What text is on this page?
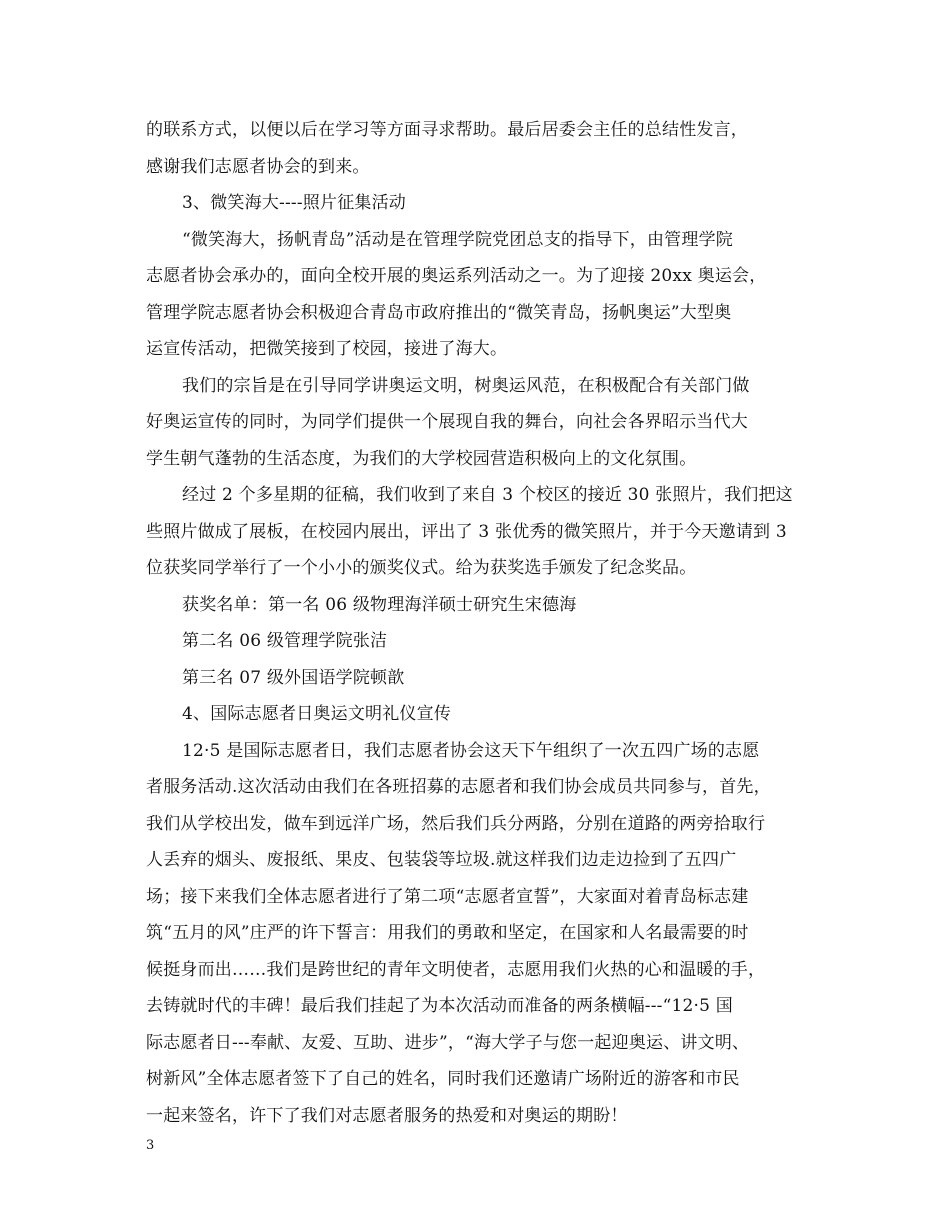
的联系方式，以便以后在学习等方面寻求帮助。最后居委会主任的总结性发言，
感谢我们志愿者协会的到来。
3、微笑海大----照片征集活动
“微笑海大，扬帆青岛”活动是在管理学院党团总支的指导下，由管理学院
志愿者协会承办的，面向全校开展的奥运系列活动之一。为了迎接 20xx 奥运会，
管理学院志愿者协会积极迎合青岛市政府推出的“微笑青岛，扬帆奥运”大型奥
运宣传活动，把微笑接到了校园，接进了海大。
我们的宗旨是在引导同学讲奥运文明，树奥运风范，在积极配合有关部门做
好奥运宣传的同时，为同学们提供一个展现自我的舞台，向社会各界昭示当代大
学生朝气蓬勃的生活态度，为我们的大学校园营造积极向上的文化氛围。
经过 2 个多星期的征稿，我们收到了来自 3 个校区的接近 30 张照片，我们把这
些照片做成了展板，在校园内展出，评出了 3 张优秀的微笑照片，并于今天邀请到 3
位获奖同学举行了一个小小的颁奖仪式。给为获奖选手颁发了纪念奖品。
获奖名单：第一名 06 级物理海洋硕士研究生宋德海
第二名 06 级管理学院张洁
第三名 07 级外国语学院顿歆
4、国际志愿者日奥运文明礼仪宣传
12·5 是国际志愿者日，我们志愿者协会这天下午组织了一次五四广场的志愿
者服务活动.这次活动由我们在各班招募的志愿者和我们协会成员共同参与，首先，
我们从学校出发，做车到远洋广场，然后我们兵分两路，分别在道路的两旁拾取行
人丢弃的烟头、废报纸、果皮、包装袋等垃圾.就这样我们边走边捡到了五四广
场；接下来我们全体志愿者进行了第二项“志愿者宣誓”，大家面对着青岛标志建
筑“五月的风”庄严的许下誓言：用我们的勇敢和坚定，在国家和人名最需要的时
候挺身而出……我们是跨世纪的青年文明使者，志愿用我们火热的心和温暖的手，
去铸就时代的丰碑！最后我们挂起了为本次活动而准备的两条横幅---“12·5 国
际志愿者日---奉献、友爱、互助、进步”，“海大学子与您一起迎奥运、讲文明、
树新风”全体志愿者签下了自己的姓名，同时我们还邀请广场附近的游客和市民
一起来签名，许下了我们对志愿者服务的热爱和对奥运的期盼！
3
